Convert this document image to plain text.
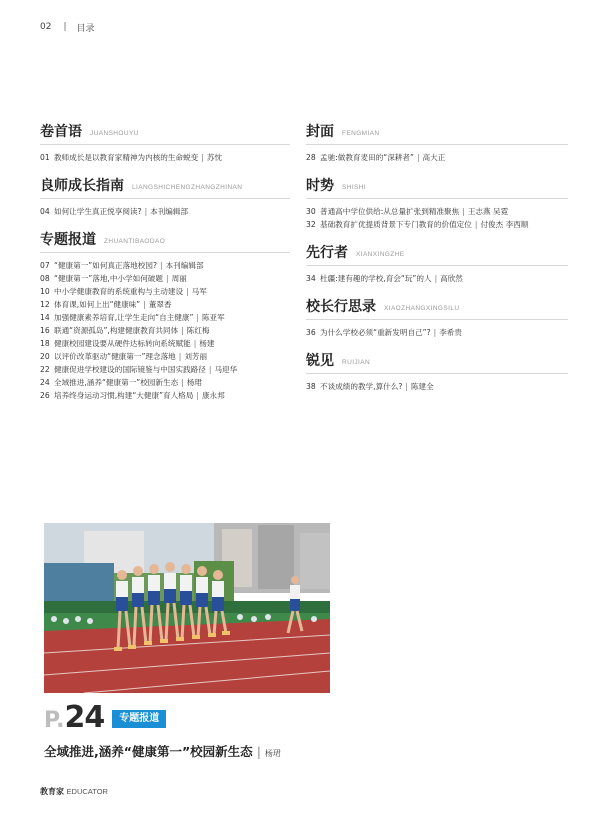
02 | 目录
卷首语 JUANSHOUYU
01 教师成长是以教育家精神为内核的生命蜕变 | 苏忱
良师成长指南 LIANGSHICHENGZHANGZHINAN
04 如何让学生真正悦享阅读? | 本刊编辑部
专题报道 ZHUANTIBAODAO
07 “健康第一”如何真正落地校园? | 本刊编辑部
08 “健康第一”落地,中小学如何破题 | 周丽
10 中小学健康教育的系统重构与主动建设 | 马军
12 体育课,如何上出“健康味” | 董翠香
14 加强健康素养培育,让学生走向“自主健康” | 陈亚军
16 联通“资源孤岛”,构建健康教育共同体 | 陈红梅
18 健康校园建设要从硬件达标转向系统赋能 | 杨建
20 以评价改革驱动“健康第一”理念落地 | 刘芳丽
22 健康促进学校建设的国际镜鉴与中国实践路径 | 马迎华
24 全域推进,涵养“健康第一”校园新生态 | 杨珺
26 培养终身运动习惯,构建“大健康”育人格局 | 康永邦
封面 FENGMIAN
28 孟驰:做教育麦田的“深耕者” | 高大正
时势 SHISHI
30 普通高中学位供给:从总量扩张到精准聚焦 | 王志燕 吴霓
32 基础教育扩优提质背景下专门教育的价值定位 | 付俊杰 李西顺
先行者 XIANXINGZHE
34 杜疆:建有趣的学校,育会“玩”的人 | 高欣然
校长行思录 XIAOZHANGXINGSILU
36 为什么学校必须“重新发明自己”? | 李希贵
锐见 RUIJIAN
38 不谈成绩的教学,算什么? | 陈建全
P. 24	专题报道
全域推进,涵养“健康第一”校园新生态 | 杨珺
教育家 EDUCATOR
